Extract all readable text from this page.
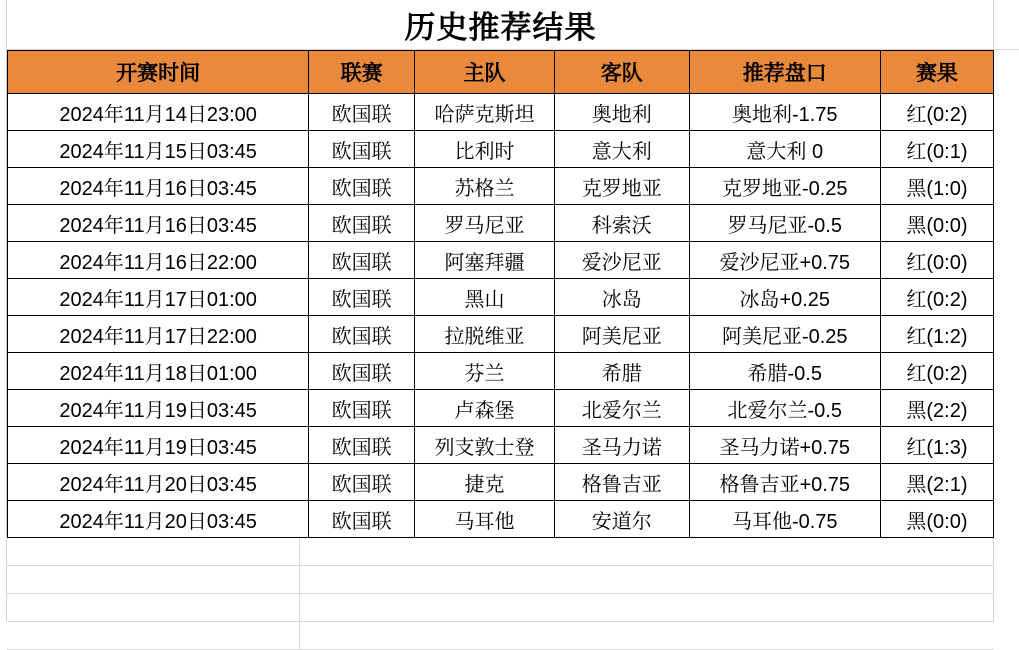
历史推荐结果
开赛时间	联赛	主队	客队	推荐盘口	赛果
2024年11月14日23:00	欧国联	哈萨克斯坦	奥地利	奥地利-1.75	红(0:2)
2024年11月15日03:45	欧国联	比利时	意大利	意大利 0	红(0:1)
2024年11月16日03:45	欧国联	苏格兰	克罗地亚	克罗地亚-0.25	黑(1:0)
2024年11月16日03:45	欧国联	罗马尼亚	科索沃	罗马尼亚-0.5	黑(0:0)
2024年11月16日22:00	欧国联	阿塞拜疆	爱沙尼亚	爱沙尼亚+0.75	红(0:0)
2024年11月17日01:00	欧国联	黑山	冰岛	冰岛+0.25	红(0:2)
2024年11月17日22:00	欧国联	拉脱维亚	阿美尼亚	阿美尼亚-0.25	红(1:2)
2024年11月18日01:00	欧国联	芬兰	希腊	希腊-0.5	红(0:2)
2024年11月19日03:45	欧国联	卢森堡	北爱尔兰	北爱尔兰-0.5	黑(2:2)
2024年11月19日03:45	欧国联	列支敦士登	圣马力诺	圣马力诺+0.75	红(1:3)
2024年11月20日03:45	欧国联	捷克	格鲁吉亚	格鲁吉亚+0.75	黑(2:1)
2024年11月20日03:45	欧国联	马耳他	安道尔	马耳他-0.75	黑(0:0)
